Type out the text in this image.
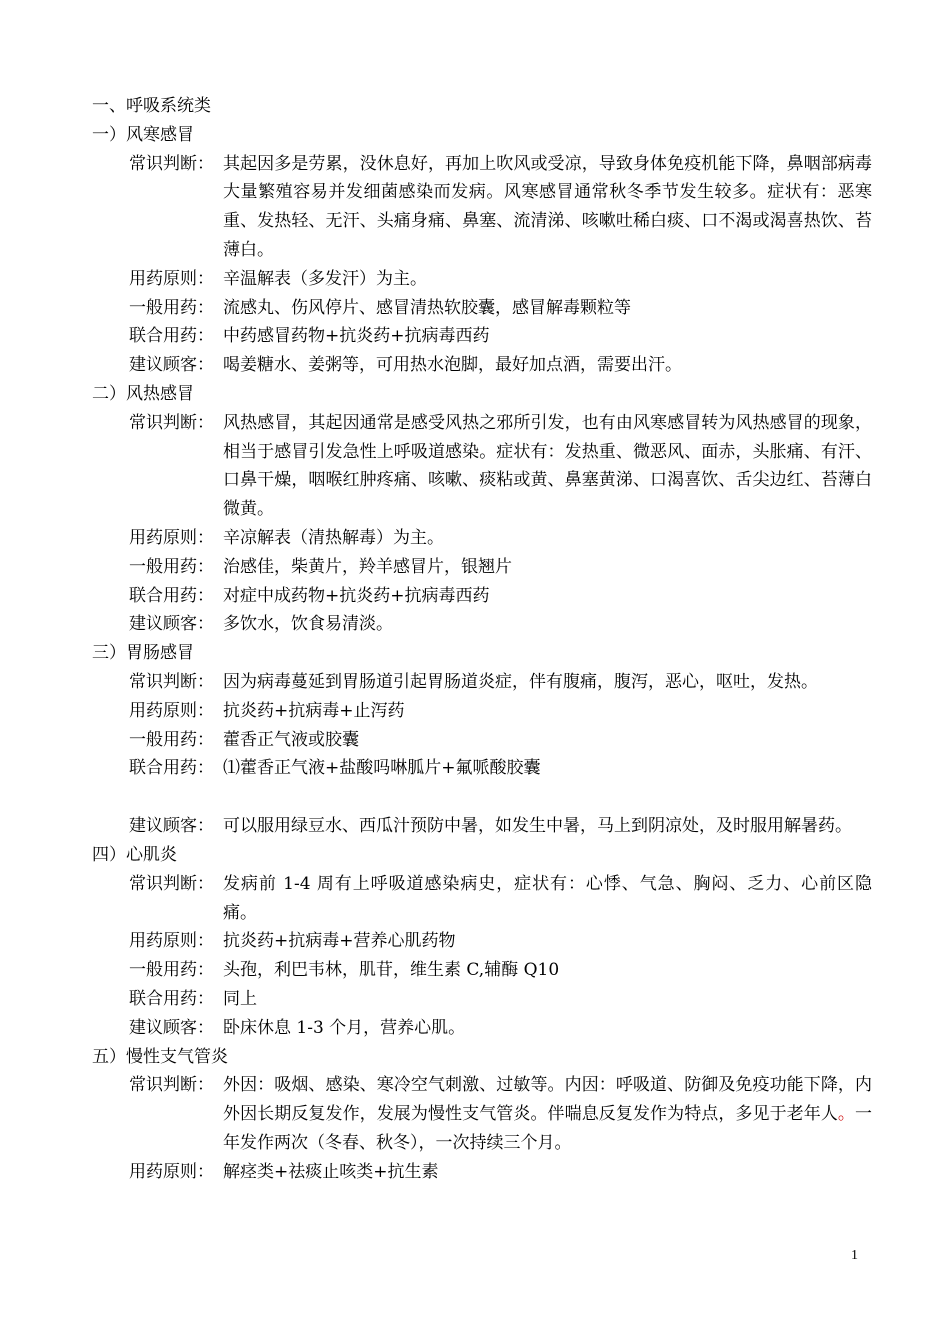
一、呼吸系统类
一）风寒感冒
常识判断： 其起因多是劳累，没休息好，再加上吹风或受凉，导致身体免疫机能下降，鼻咽部病毒大量繁殖容易并发细菌感染而发病。风寒感冒通常秋冬季节发生较多。症状有：恶寒重、发热轻、无汗、头痛身痛、鼻塞、流清涕、咳嗽吐稀白痰、口不渴或渴喜热饮、苔薄白。
用药原则： 辛温解表（多发汗）为主。
一般用药： 流感丸、伤风停片、感冒清热软胶囊，感冒解毒颗粒等
联合用药： 中药感冒药物+抗炎药+抗病毒西药
建议顾客： 喝姜糖水、姜粥等，可用热水泡脚，最好加点酒，需要出汗。
二）风热感冒
常识判断： 风热感冒，其起因通常是感受风热之邪所引发，也有由风寒感冒转为风热感冒的现象，相当于感冒引发急性上呼吸道感染。症状有：发热重、微恶风、面赤，头胀痛、有汗、口鼻干燥，咽喉红肿疼痛、咳嗽、痰粘或黄、鼻塞黄涕、口渴喜饮、舌尖边红、苔薄白微黄。
用药原则： 辛凉解表（清热解毒）为主。
一般用药： 治感佳，柴黄片，羚羊感冒片，银翘片
联合用药： 对症中成药物+抗炎药+抗病毒西药
建议顾客： 多饮水，饮食易清淡。
三）胃肠感冒
常识判断： 因为病毒蔓延到胃肠道引起胃肠道炎症，伴有腹痛，腹泻，恶心，呕吐，发热。
用药原则： 抗炎药+抗病毒+止泻药
一般用药： 藿香正气液或胶囊
联合用药： ⑴藿香正气液+盐酸吗啉胍片+氟哌酸胶囊
建议顾客： 可以服用绿豆水、西瓜汁预防中暑，如发生中暑，马上到阴凉处，及时服用解暑药。
四）心肌炎
常识判断： 发病前 1-4 周有上呼吸道感染病史，症状有：心悸、气急、胸闷、乏力、心前区隐痛。
用药原则： 抗炎药+抗病毒+营养心肌药物
一般用药： 头孢，利巴韦林，肌苷，维生素 C,辅酶 Q10
联合用药： 同上
建议顾客： 卧床休息 1-3 个月，营养心肌。
五）慢性支气管炎
常识判断： 外因：吸烟、感染、寒冷空气刺激、过敏等。内因：呼吸道、防御及免疫功能下降，内外因长期反复发作，发展为慢性支气管炎。伴喘息反复发作为特点，多见于老年人。一年发作两次（冬春、秋冬），一次持续三个月。
用药原则： 解痉类+祛痰止咳类+抗生素
1
